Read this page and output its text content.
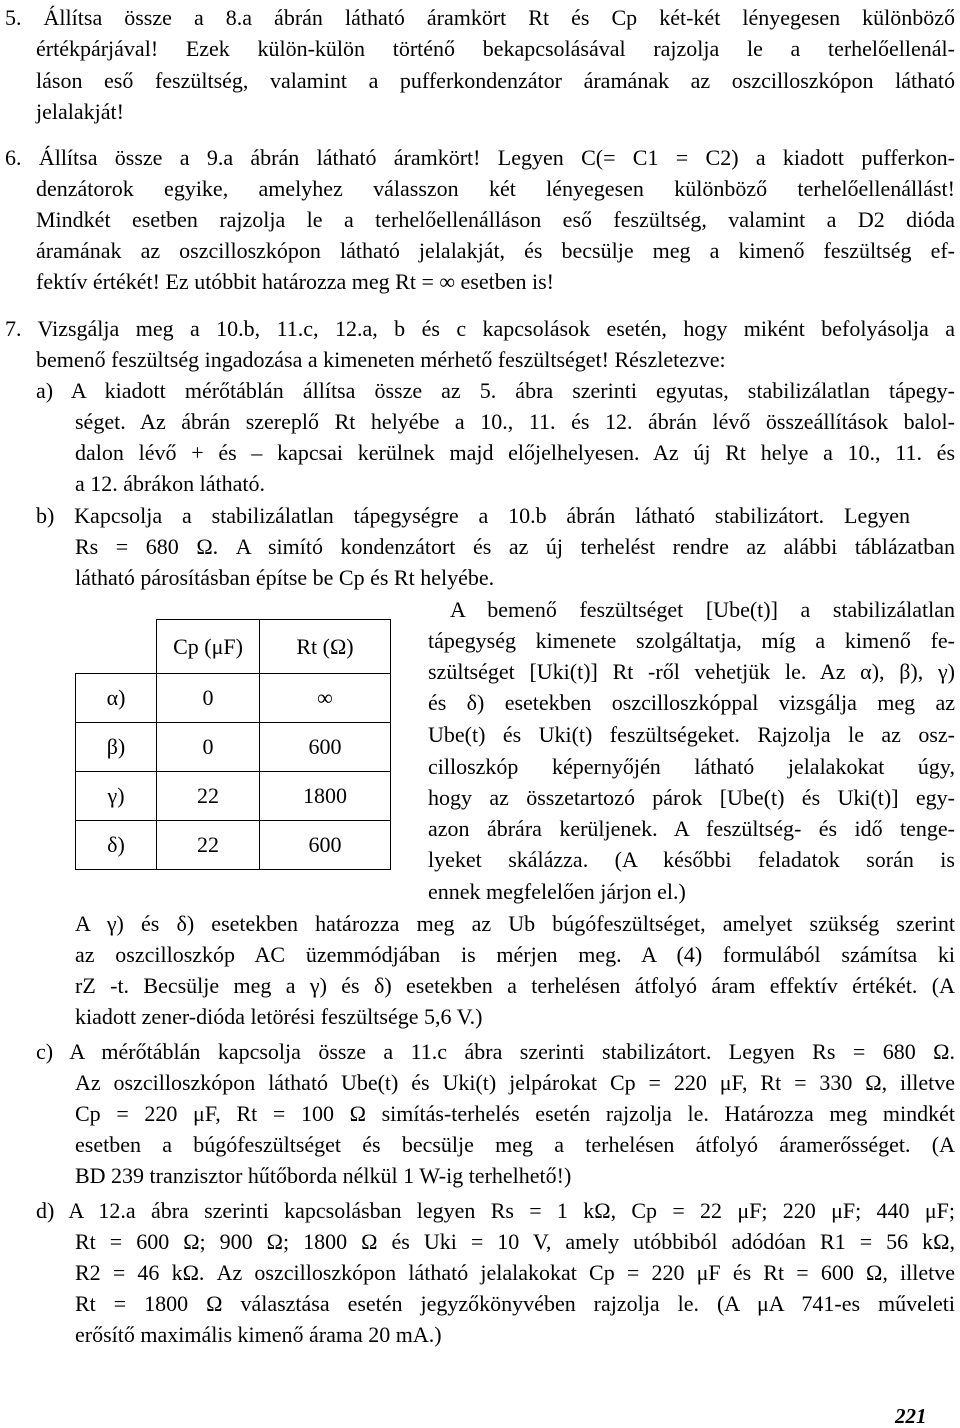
5. Állítsa össze a 8.a ábrán látható áramkört Rt és Cp két-két lényegesen különböző
értékpárjával! Ezek külön-külön történő bekapcsolásával rajzolja le a terhelőellenál-
láson eső feszültség, valamint a pufferkondenzátor áramának az oszcilloszkópon látható
jelalakját!
6. Állítsa össze a 9.a ábrán látható áramkört! Legyen C(= C1 = C2) a kiadott pufferkon-
denzátorok egyike, amelyhez válasszon két lényegesen különböző terhelőellenállást!
Mindkét esetben rajzolja le a terhelőellenálláson eső feszültség, valamint a D2 dióda
áramának az oszcilloszkópon látható jelalakját, és becsülje meg a kimenő feszültség ef-
fektív értékét! Ez utóbbit határozza meg Rt = ∞ esetben is!
7. Vizsgálja meg a 10.b, 11.c, 12.a, b és c kapcsolások esetén, hogy miként befolyásolja a
bemenő feszültség ingadozása a kimeneten mérhető feszültséget! Részletezve:
a) A kiadott mérőtáblán állítsa össze az 5. ábra szerinti egyutas, stabilizálatlan tápegy-
séget. Az ábrán szereplő Rt helyébe a 10., 11. és 12. ábrán lévő összeállítások balol-
dalon lévő + és – kapcsai kerülnek majd előjelhelyesen. Az új Rt helye a 10., 11. és
a 12. ábrákon látható.
b) Kapcsolja a stabilizálatlan tápegységre a 10.b ábrán látható stabilizátort. Legyen
Rs = 680 Ω. A simító kondenzátort és az új terhelést rendre az alábbi táblázatban
látható párosításban építse be Cp és Rt helyébe.
A bemenő feszültséget [Ube(t)] a stabilizálatlan
tápegység kimenete szolgáltatja, míg a kimenő fe-
szültséget [Uki(t)] Rt -ről vehetjük le. Az α), β), γ)
és δ) esetekben oszcilloszkóppal vizsgálja meg az
Ube(t) és Uki(t) feszültségeket. Rajzolja le az osz-
cilloszkóp képernyőjén látható jelalakokat úgy,
hogy az összetartozó párok [Ube(t) és Uki(t)] egy-
azon ábrára kerüljenek. A feszültség- és idő tenge-
lyeket skálázza. (A későbbi feladatok során is
ennek megfelelően járjon el.)
A γ) és δ) esetekben határozza meg az Ub búgófeszültséget, amelyet szükség szerint
az oszcilloszkóp AC üzemmódjában is mérjen meg. A (4) formulából számítsa ki
rZ -t. Becsülje meg a γ) és δ) esetekben a terhelésen átfolyó áram effektív értékét. (A
kiadott zener-dióda letörési feszültsége 5,6 V.)
c) A mérőtáblán kapcsolja össze a 11.c ábra szerinti stabilizátort. Legyen Rs = 680 Ω.
Az oszcilloszkópon látható Ube(t) és Uki(t) jelpárokat Cp = 220 μF, Rt = 330 Ω, illetve
Cp = 220 μF, Rt = 100 Ω simítás-terhelés esetén rajzolja le. Határozza meg mindkét
esetben a búgófeszültséget és becsülje meg a terhelésen átfolyó áramerősséget. (A
BD 239 tranzisztor hűtőborda nélkül 1 W-ig terhelhető!)
d) A 12.a ábra szerinti kapcsolásban legyen Rs = 1 kΩ, Cp = 22 μF; 220 μF; 440 μF;
Rt = 600 Ω; 900 Ω; 1800 Ω és Uki = 10 V, amely utóbbiból adódóan R1 = 56 kΩ,
R2 = 46 kΩ. Az oszcilloszkópon látható jelalakokat Cp = 220 μF és Rt = 600 Ω, illetve
Rt = 1800 Ω választása esetén jegyzőkönyvében rajzolja le. (A μA 741-es műveleti
erősítő maximális kimenő árama 20 mA.)
	Cp (μF)	Rt (Ω)
α)	0	∞
β)	0	600
γ)	22	1800
δ)	22	600
221
